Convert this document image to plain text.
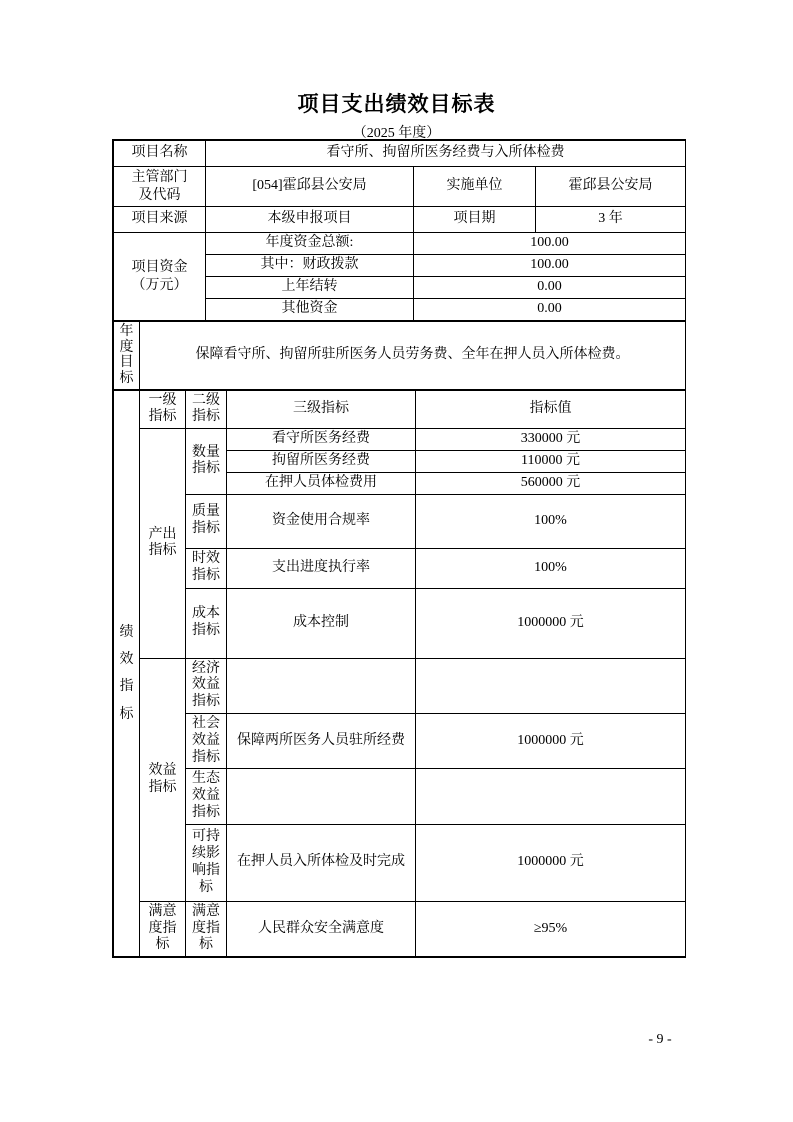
项目支出绩效目标表
（2025 年度）
项目名称	看守所、拘留所医务经费与入所体检费		

主管部门及代码	[054]霍邱县公安局	实施单位	霍邱县公安局
项目来源	本级申报项目	项目期	3 年

项目资金（万元）	年度资金总额:	100.00	
	其中：财政拨款	100.00	
	上年结转	0.00	
	其他资金	0.00	
年度目标
	保障看守所、拘留所驻所医务人员劳务费、全年在押人员入所体检费。
绩效指标	一级指标	二级指标	三级指标	指标值
	产出指标	数量指标	看守所医务经费	330000 元
			拘留所医务经费	110000 元
			在押人员体检费用	560000 元
		质量指标	资金使用合规率	100%
		时效指标	支出进度执行率	100%
		成本指标	成本控制	1000000 元
	效益指标	经济效益指标		
		社会效益指标	保障两所医务人员驻所经费	1000000 元
		生态效益指标		
		可持续影响指标	在押人员入所体检及时完成	1000000 元
	满意度指标	满意度指标	人民群众安全满意度	≥95%
- 9 -
